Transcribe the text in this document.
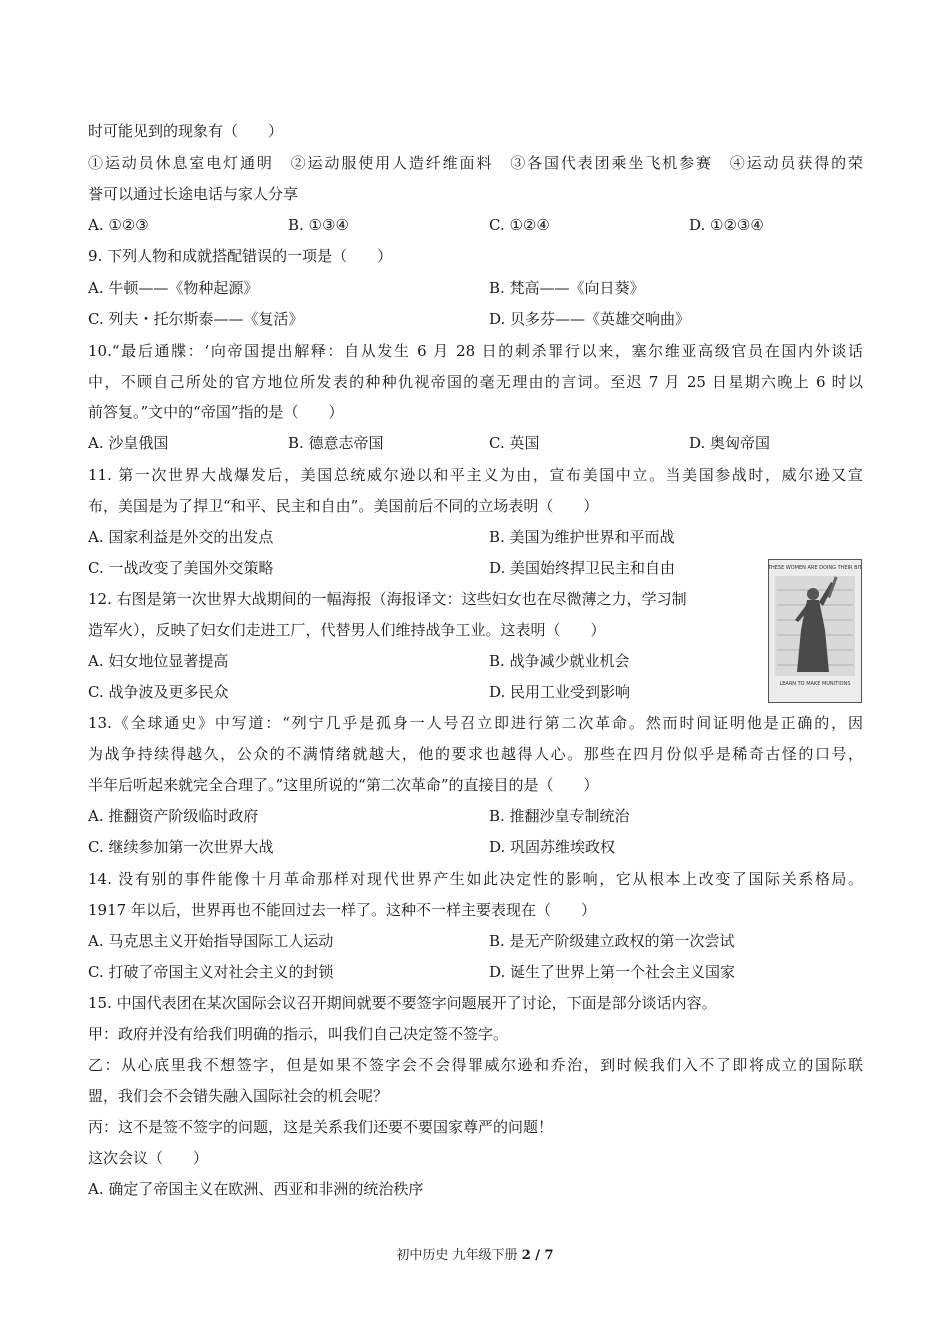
时可能见到的现象有（　　）
①运动员休息室电灯通明　②运动服使用人造纤维面料　③各国代表团乘坐飞机参赛　④运动员获得的荣
誉可以通过长途电话与家人分享
A. ①②③	B. ①③④	C. ①②④	D. ①②③④
9. 下列人物和成就搭配错误的一项是（　　）
A. 牛顿——《物种起源》	B. 梵高——《向日葵》
C. 列夫・托尔斯泰——《复活》	D. 贝多芬——《英雄交响曲》
10.“最后通牒：‘向帝国提出解释：自从发生 6 月 28 日的刺杀罪行以来，塞尔维亚高级官员在国内外谈话
中，不顾自己所处的官方地位所发表的种种仇视帝国的毫无理由的言词。至迟 7 月 25 日星期六晚上 6 时以
前答复。”文中的“帝国”指的是（　　）
A. 沙皇俄国	B. 德意志帝国	C. 英国	D. 奥匈帝国
11. 第一次世界大战爆发后，美国总统威尔逊以和平主义为由，宣布美国中立。当美国参战时，威尔逊又宣
布，美国是为了捍卫“和平、民主和自由”。美国前后不同的立场表明（　　）
A. 国家利益是外交的出发点	B. 美国为维护世界和平而战
C. 一战改变了美国外交策略	D. 美国始终捍卫民主和自由
12. 右图是第一次世界大战期间的一幅海报（海报译文：这些妇女也在尽微薄之力，学习制
造军火），反映了妇女们走进工厂，代替男人们维持战争工业。这表明（　　）
A. 妇女地位显著提高	B. 战争减少就业机会
C. 战争波及更多民众	D. 民用工业受到影响
THESE WOMEN ARE DOING THEIR BIT
LEARN TO MAKE MUNITIONS
13.《全球通史》中写道：“列宁几乎是孤身一人号召立即进行第二次革命。然而时间证明他是正确的，因
为战争持续得越久，公众的不满情绪就越大，他的要求也越得人心。那些在四月份似乎是稀奇古怪的口号，
半年后听起来就完全合理了。”这里所说的“第二次革命”的直接目的是（　　）
A. 推翻资产阶级临时政府	B. 推翻沙皇专制统治
C. 继续参加第一次世界大战	D. 巩固苏维埃政权
14. 没有别的事件能像十月革命那样对现代世界产生如此决定性的影响，它从根本上改变了国际关系格局。
1917 年以后，世界再也不能回过去一样了。这种不一样主要表现在（　　）
A. 马克思主义开始指导国际工人运动	B. 是无产阶级建立政权的第一次尝试
C. 打破了帝国主义对社会主义的封锁	D. 诞生了世界上第一个社会主义国家
15. 中国代表团在某次国际会议召开期间就要不要签字问题展开了讨论，下面是部分谈话内容。
甲：政府并没有给我们明确的指示，叫我们自己决定签不签字。
乙：从心底里我不想签字，但是如果不签字会不会得罪威尔逊和乔治，到时候我们入不了即将成立的国际联
盟，我们会不会错失融入国际社会的机会呢？
丙：这不是签不签字的问题，这是关系我们还要不要国家尊严的问题！
这次会议（　　）
A. 确定了帝国主义在欧洲、西亚和非洲的统治秩序
初中历史 九年级下册 2 / 7
